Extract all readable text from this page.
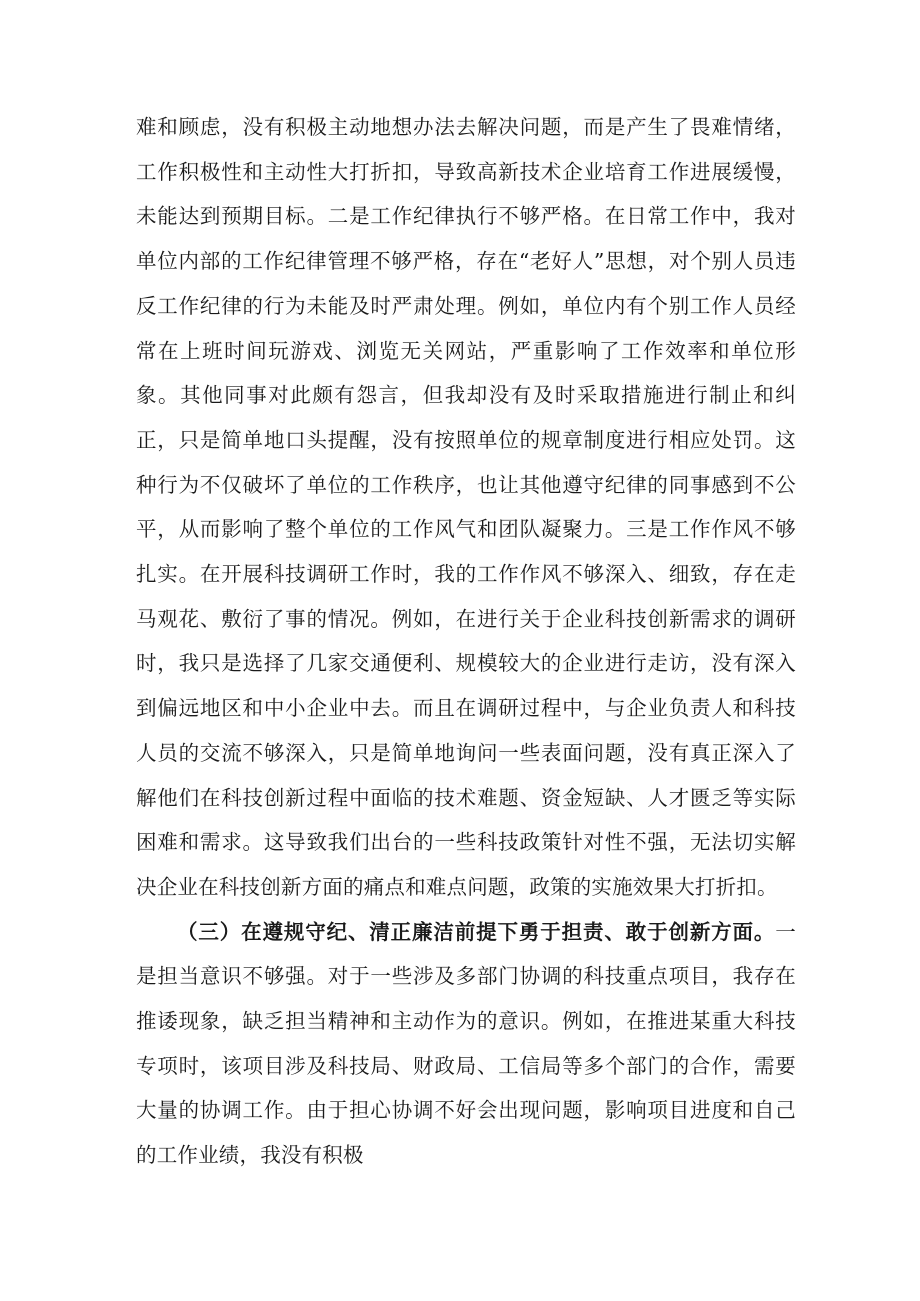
难和顾虑，没有积极主动地想办法去解决问题，而是产生了畏难情绪，工作积极性和主动性大打折扣，导致高新技术企业培育工作进展缓慢，未能达到预期目标。二是工作纪律执行不够严格。在日常工作中，我对单位内部的工作纪律管理不够严格，存在“老好人”思想，对个别人员违反工作纪律的行为未能及时严肃处理。例如，单位内有个别工作人员经常在上班时间玩游戏、浏览无关网站，严重影响了工作效率和单位形象。其他同事对此颇有怨言，但我却没有及时采取措施进行制止和纠正，只是简单地口头提醒，没有按照单位的规章制度进行相应处罚。这种行为不仅破坏了单位的工作秩序，也让其他遵守纪律的同事感到不公平，从而影响了整个单位的工作风气和团队凝聚力。三是工作作风不够扎实。在开展科技调研工作时，我的工作作风不够深入、细致，存在走马观花、敷衍了事的情况。例如，在进行关于企业科技创新需求的调研时，我只是选择了几家交通便利、规模较大的企业进行走访，没有深入到偏远地区和中小企业中去。而且在调研过程中，与企业负责人和科技人员的交流不够深入，只是简单地询问一些表面问题，没有真正深入了解他们在科技创新过程中面临的技术难题、资金短缺、人才匮乏等实际困难和需求。这导致我们出台的一些科技政策针对性不强，无法切实解决企业在科技创新方面的痛点和难点问题，政策的实施效果大打折扣。

（三）在遵规守纪、清正廉洁前提下勇于担责、敢于创新方面。一是担当意识不够强。对于一些涉及多部门协调的科技重点项目，我存在推诿现象，缺乏担当精神和主动作为的意识。例如，在推进某重大科技专项时，该项目涉及科技局、财政局、工信局等多个部门的合作，需要大量的协调工作。由于担心协调不好会出现问题，影响项目进度和自己的工作业绩，我没有积极
